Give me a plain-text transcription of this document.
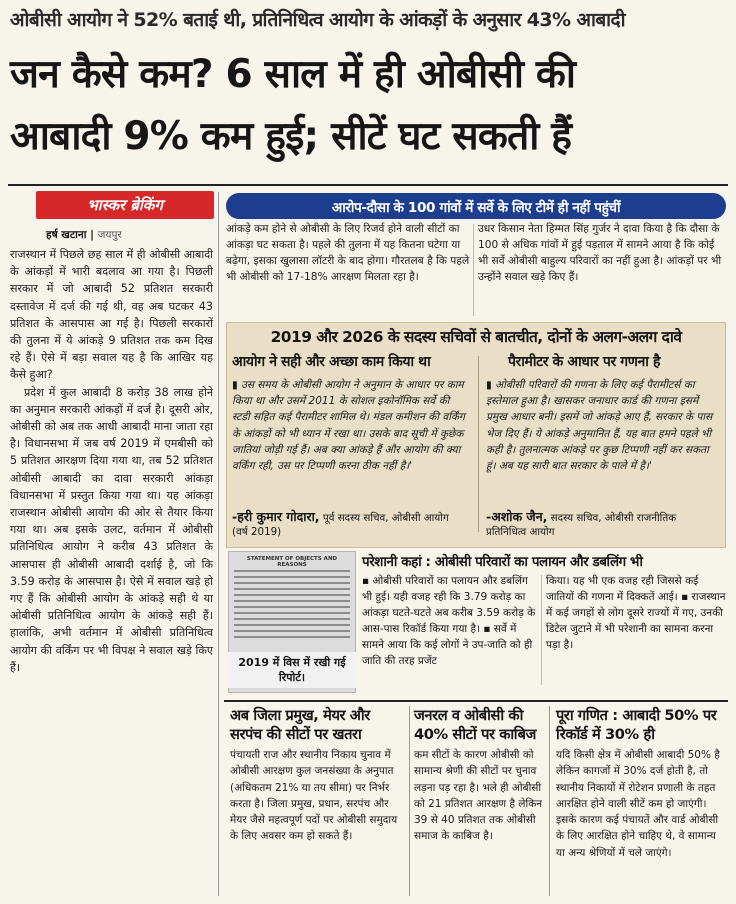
ओबीसी आयोग ने 52% बताई थी, प्रतिनिधित्व आयोग के आंकड़ों के अनुसार 43% आबादी
जन कैसे कम? 6 साल में ही ओबीसी की
आबादी 9% कम हुई; सीटें घट सकती हैं
भास्कर ब्रेकिंग
हर्ष खटाना | जयपुर

राजस्थान में पिछले छह साल में ही ओबीसी आबादी के आंकड़ों में भारी बदलाव आ गया है। पिछली सरकार में जो आबादी 52 प्रतिशत सरकारी दस्तावेज में दर्ज की गई थी, वह अब घटकर 43 प्रतिशत के आसपास आ गई है। पिछली सरकारों की तुलना में ये आंकड़े 9 प्रतिशत तक कम दिख रहे हैं। ऐसे में बड़ा सवाल यह है कि आखिर यह कैसे हुआ?

प्रदेश में कुल आबादी 8 करोड़ 38 लाख होने का अनुमान सरकारी आंकड़ों में दर्ज है। दूसरी ओर, ओबीसी को अब तक आधी आबादी माना जाता रहा है। विधानसभा में जब वर्ष 2019 में एमबीसी को 5 प्रतिशत आरक्षण दिया गया था, तब 52 प्रतिशत ओबीसी आबादी का दावा सरकारी आंकड़ा विधानसभा में प्रस्तुत किया गया था। यह आंकड़ा राजस्थान ओबीसी आयोग की ओर से तैयार किया गया था। अब इसके उलट, वर्तमान में ओबीसी प्रतिनिधित्व आयोग ने करीब 43 प्रतिशत के आसपास ही ओबीसी आबादी दर्शाई है, जो कि 3.59 करोड़ के आसपास है। ऐसे में सवाल खड़े हो गए हैं कि ओबीसी आयोग के आंकड़े सही थे या ओबीसी प्रतिनिधित्व आयोग के आंकड़े सही हैं। हालांकि, अभी वर्तमान में ओबीसी प्रतिनिधित्व आयोग की वर्किंग पर भी विपक्ष ने सवाल खड़े किए हैं।

आरोप-दौसा के 100 गांवों में सर्वे के लिए टीमें ही नहीं पहुंचीं
आंकड़े कम होने से ओबीसी के लिए रिजर्व होने वाली सीटों का आंकड़ा घट सकता है। पहले की तुलना में यह कितना घटेगा या बढ़ेगा, इसका खुलासा लॉटरी के बाद होगा। गौरतलब है कि पहले भी ओबीसी को 17-18% आरक्षण मिलता रहा है।
उधर किसान नेता हिम्मत सिंह गुर्जर ने दावा किया है कि दौसा के 100 से अधिक गांवों में हुई पड़ताल में सामने आया है कि कोई भी सर्वे ओबीसी बाहुल्य परिवारों का नहीं हुआ है। आंकड़ों पर भी उन्होंने सवाल खड़े किए हैं।
2019 और 2026 के सदस्य सचिवों से बातचीत, दोनों के अलग-अलग दावे
आयोग ने सही और अच्छा काम किया था	पैरामीटर के आधार पर गणना है
▮ उस समय के ओबीसी आयोग ने अनुमान के आधार पर काम किया था और उसमें 2011 के सोशल इकोनॉमिक सर्वे की स्टडी सहित कई पैरामीटर शामिल थे। मंडल कमीशन की वर्किंग के आंकड़ों को भी ध्यान में रखा था। उसके बाद सूची में कुछेक जातियां जोड़ी गई हैं। अब क्या आंकड़े हैं और आयोग की क्या वर्किंग रही, उस पर टिप्पणी करना ठीक नहीं है।'
▮ ओबीसी परिवारों की गणना के लिए कई पैरामीटर्स का इस्तेमाल हुआ है। खासकर जनाधार कार्ड की गणना इसमें प्रमुख आधार बनी। इसमें जो आंकड़े आए हैं, सरकार के पास भेज दिए हैं। ये आंकड़े अनुमानित हैं, यह बात हमने पहले भी कही है। तुलनात्मक आंकड़े पर कुछ टिप्पणी नहीं कर सकता हूं। अब यह सारी बात सरकार के पाले में है।'
-हरी कुमार गोदारा, पूर्व सदस्य सचिव, ओबीसी आयोग
(वर्ष 2019)
-अशोक जैन, सदस्य सचिव, ओबीसी राजनीतिक
प्रतिनिधित्व आयोग
STATEMENT OF OBJECTS AND REASONS
2019 में विस में रखी गई रिपोर्ट।
परेशानी कहां : ओबीसी परिवारों का पलायन और डबलिंग भी
▪ ओबीसी परिवारों का पलायन और डबलिंग भी हुई। यही वजह रही कि 3.79 करोड़ का आंकड़ा घटते-घटते अब करीब 3.59 करोड़ के आस-पास रिकॉर्ड किया गया है। ▪ सर्वे में सामने आया कि कई लोगों ने उप-जाति को ही जाति की तरह प्रजेंट
किया। यह भी एक वजह रही जिससे कई जातियों की गणना में दिक्कतें आई। ▪ राजस्थान में कई जगहों से लोग दूसरे राज्यों में गए, उनकी डिटेल जुटाने में भी परेशानी का सामना करना पड़ा है।
अब जिला प्रमुख, मेयर और सरपंच की सीटों पर खतरा
पंचायती राज और स्थानीय निकाय चुनाव में ओबीसी आरक्षण कुल जनसंख्या के अनुपात (अधिकतम 21% या तय सीमा) पर निर्भर करता है। जिला प्रमुख, प्रधान, सरपंच और मेयर जैसे महत्वपूर्ण पदों पर ओबीसी समुदाय के लिए अवसर कम हो सकते हैं।
जनरल व ओबीसी की 40% सीटों पर काबिज
कम सीटों के कारण ओबीसी को सामान्य श्रेणी की सीटों पर चुनाव लड़ना पड़ रहा है। भले ही ओबीसी को 21 प्रतिशत आरक्षण है लेकिन 39 से 40 प्रतिशत तक ओबीसी समाज के काबिज है।
पूरा गणित : आबादी 50% पर रिकॉर्ड में 30% ही
यदि किसी क्षेत्र में ओबीसी आबादी 50% है लेकिन कागजों में 30% दर्ज होती है, तो स्थानीय निकायों में रोटेशन प्रणाली के तहत आरक्षित होने वाली सीटें कम हो जाएंगी। इसके कारण कई पंचायतें और वार्ड ओबीसी के लिए आरक्षित होने चाहिए थे, वे सामान्य या अन्य श्रेणियों में चले जाएंगे।
